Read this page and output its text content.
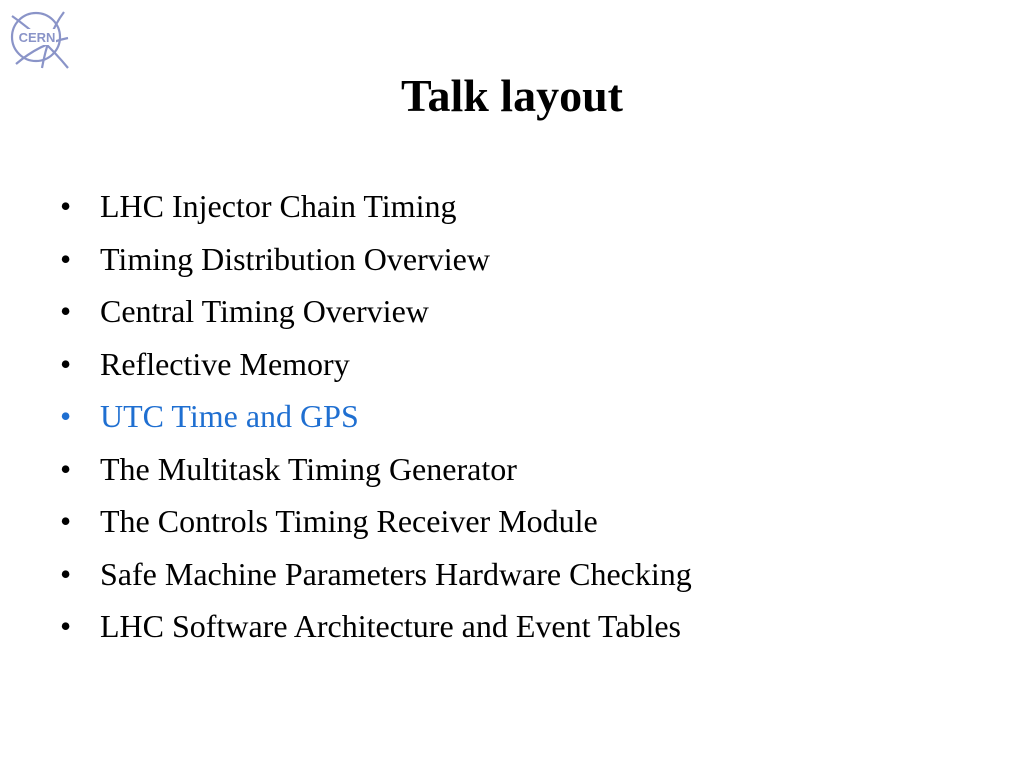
CERN
Talk layout
• LHC Injector Chain Timing
• Timing Distribution Overview
• Central Timing Overview
• Reflective Memory
• UTC Time and GPS
• The Multitask Timing Generator
• The Controls Timing Receiver Module
• Safe Machine Parameters Hardware Checking
• LHC Software Architecture and Event Tables
